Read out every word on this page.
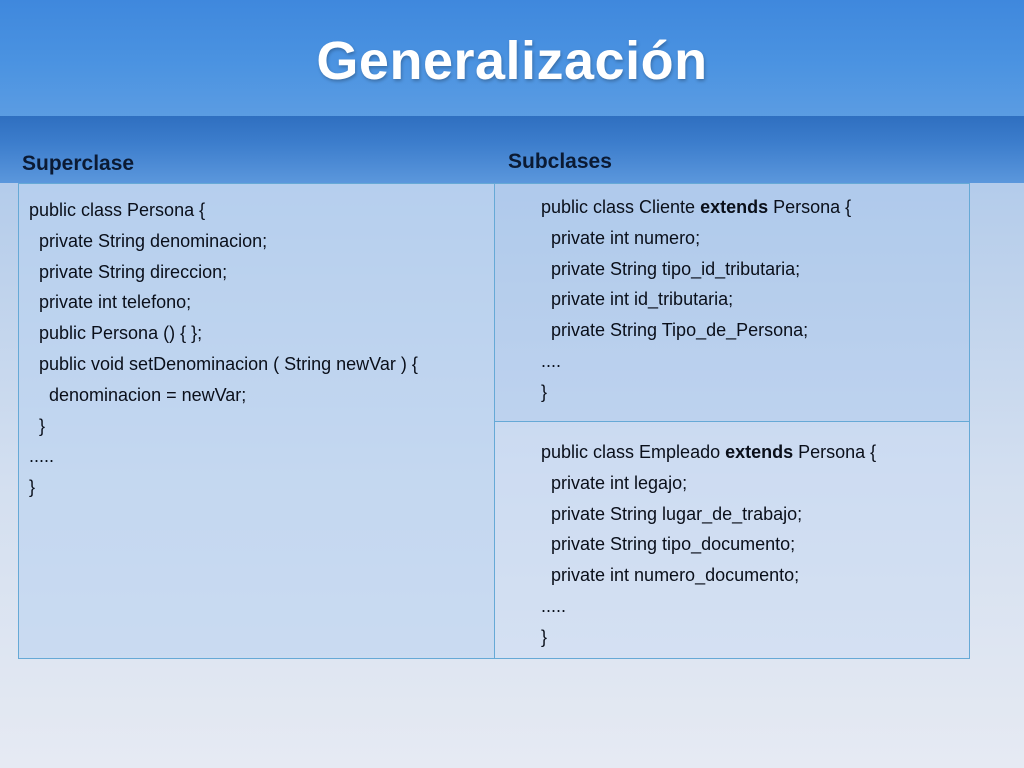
Generalización
Superclase	Subclases
public class Persona {
private String denominacion;
private String direccion;
private int telefono;
public Persona () { };
public void setDenominacion ( String newVar ) {
denominacion = newVar;
}
.....
}
public class Cliente extends Persona {
private int numero;
private String tipo_id_tributaria;
private int id_tributaria;
private String Tipo_de_Persona;
....
}
public class Empleado extends Persona {
private int legajo;
private String lugar_de_trabajo;
private String tipo_documento;
private int numero_documento;
.....
}
